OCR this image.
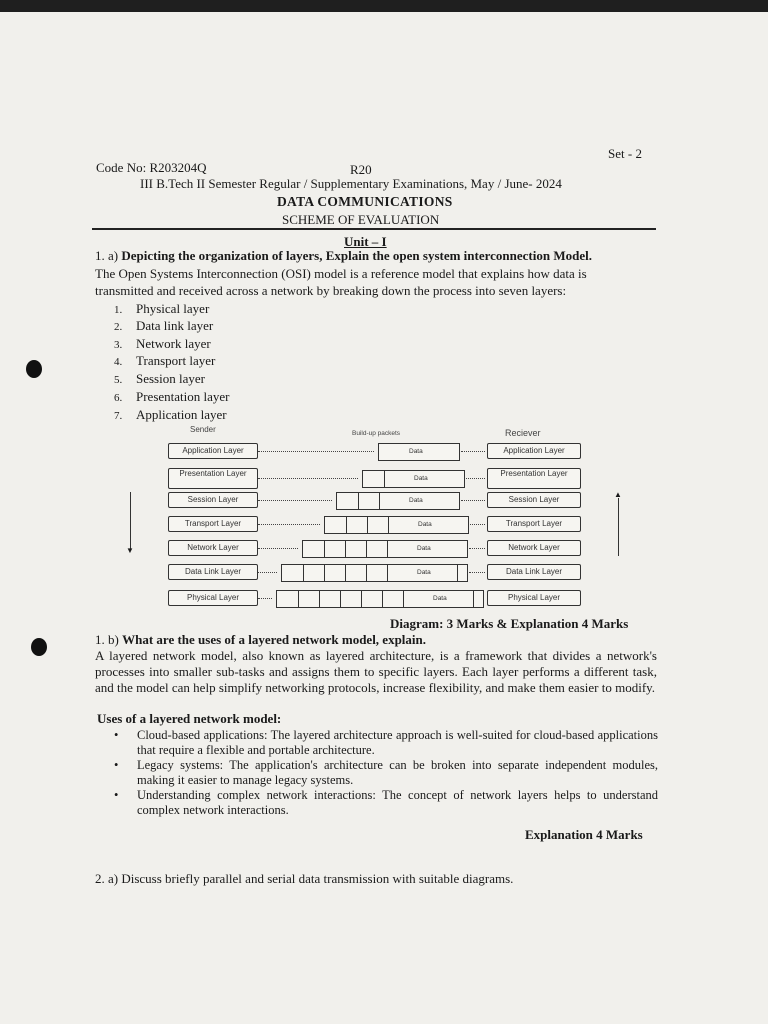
Set - 2
Code No: R203204Q	R20
III B.Tech II Semester Regular / Supplementary Examinations, May / June- 2024
DATA COMMUNICATIONS
SCHEME OF EVALUATION
Unit – I
1. a) Depicting the organization of layers, Explain the open system interconnection Model.
The Open Systems Interconnection (OSI) model is a reference model that explains how data is
transmitted and received across a network by breaking down the process into seven layers:
1. Physical layer
2. Data link layer
3. Network layer
4. Transport layer
5. Session layer
6. Presentation layer
7. Application layer
Sender	Build-up packets	Reciever
▼
▲
Application Layer	Application Layer
Data
Presentation Layer	Presentation Layer
Data
Session Layer	Session Layer
Data
Transport Layer	Transport Layer
Data
Network Layer	Network Layer
Data
Data Link Layer	Data Link Layer
Data
Physical Layer	Physical Layer
Data
Diagram: 3 Marks & Explanation 4 Marks
1. b) What are the uses of a layered network model, explain.
A layered network model, also known as layered architecture, is a framework that divides a network's processes into smaller sub-tasks and assigns them to specific layers. Each layer performs a different task, and the model can help simplify networking protocols, increase flexibility, and make them easier to modify.
Uses of a layered network model:
• Cloud-based applications: The layered architecture approach is well-suited for cloud-based applications that require a flexible and portable architecture.
• Legacy systems: The application's architecture can be broken into separate independent modules, making it easier to manage legacy systems.
• Understanding complex network interactions: The concept of network layers helps to understand complex network interactions.
Explanation 4 Marks
2. a) Discuss briefly parallel and serial data transmission with suitable diagrams.
